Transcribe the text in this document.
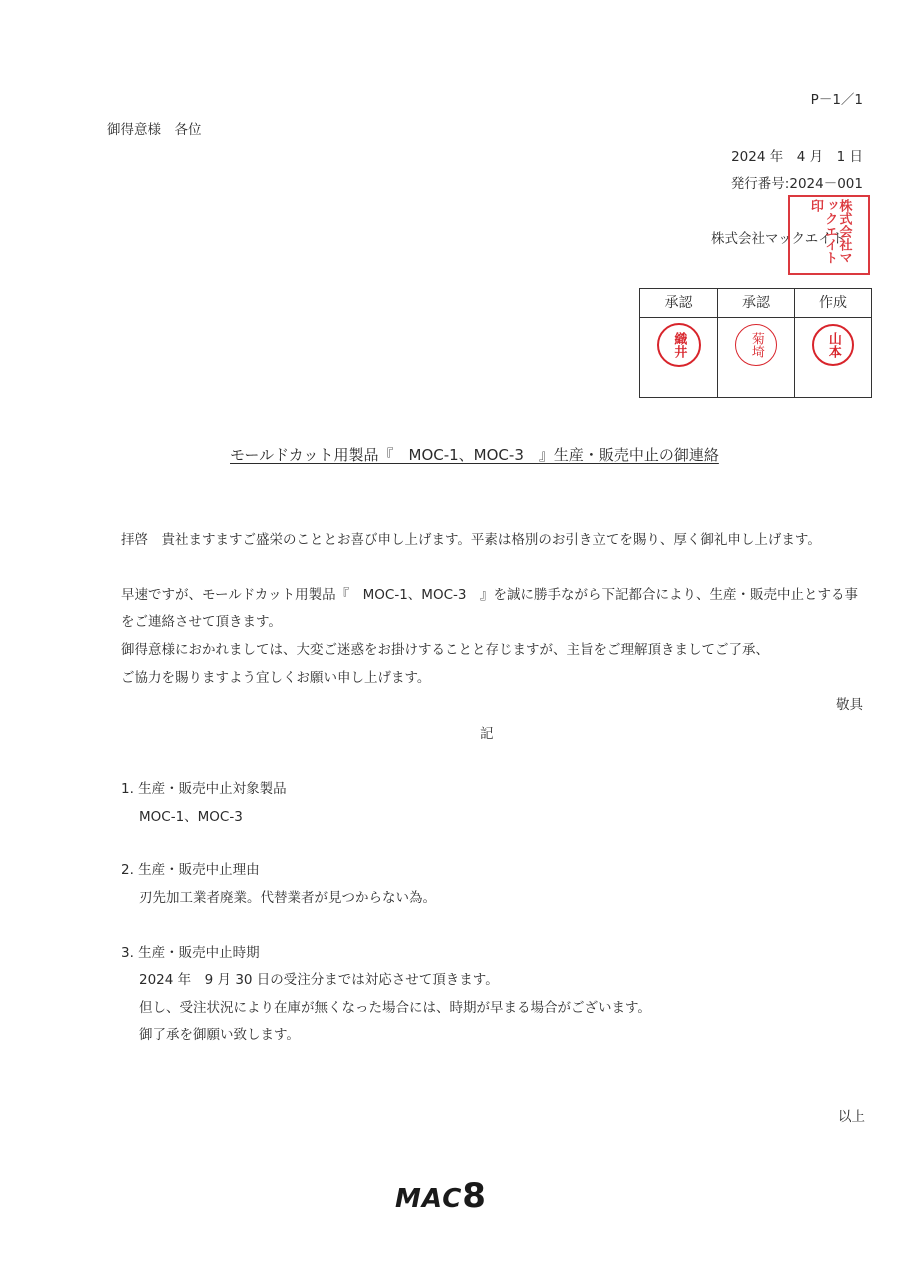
P－1／1
御得意様　各位
2024 年　4 月　1 日
発行番号:2024－001
株式会社マックエイト
株式会社マックエイト印
承認
織井
承認
菊埼
作成
山本
モールドカット用製品『　MOC-1、MOC-3　』生産・販売中止の御連絡
拝啓　貴社ますますご盛栄のこととお喜び申し上げます。平素は格別のお引き立てを賜り、厚く御礼申し上げます。
早速ですが、モールドカット用製品『　MOC-1、MOC-3　』を誠に勝手ながら下記都合により、生産・販売中止とする事
をご連絡させて頂きます。
御得意様におかれましては、大変ご迷惑をお掛けすることと存じますが、主旨をご理解頂きましてご了承、
ご協力を賜りますよう宜しくお願い申し上げます。
敬具
記
1. 生産・販売中止対象製品
MOC-1、MOC-3
2. 生産・販売中止理由
刃先加工業者廃業。代替業者が見つからない為。
3. 生産・販売中止時期
2024 年　9 月 30 日の受注分までは対応させて頂きます。
但し、受注状況により在庫が無くなった場合には、時期が早まる場合がございます。
御了承を御願い致します。
以上
MAC8
